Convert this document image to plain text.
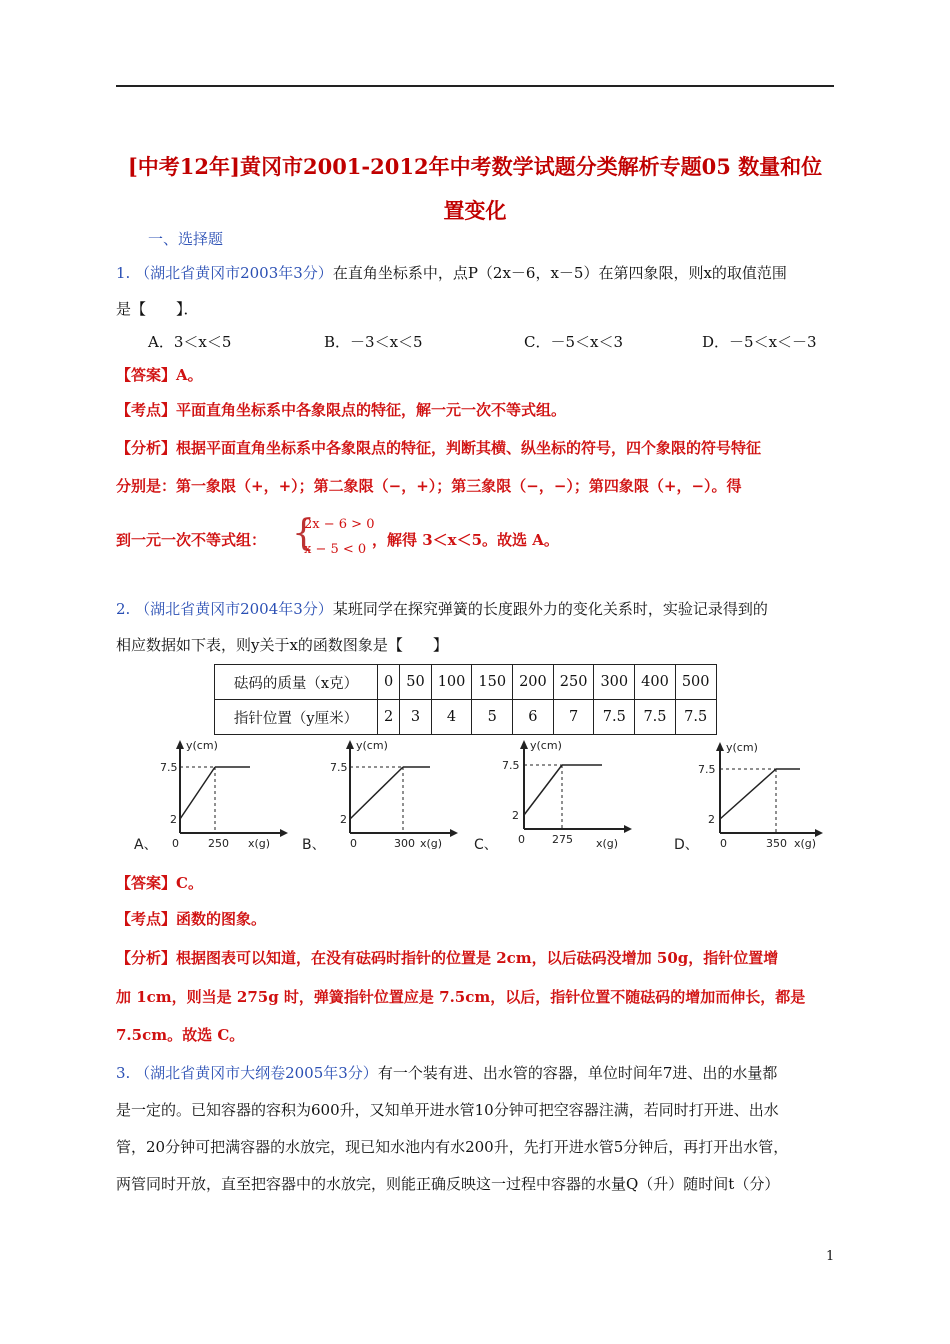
[中考12年]黄冈市2001-2012年中考数学试题分类解析专题05 数量和位
置变化
一、选择题
1. （湖北省黄冈市2003年3分）在直角坐标系中，点P（2x－6，x－5）在第四象限，则x的取值范围
是【　　】．
A．3＜x＜5	B．－3＜x＜5	C．－5＜x＜3	D．－5＜x＜－3
【答案】A。
【考点】平面直角坐标系中各象限点的特征，解一元一次不等式组。
【分析】根据平面直角坐标系中各象限点的特征，判断其横、纵坐标的符号，四个象限的符号特征
分别是：第一象限（+，+）；第二象限（−，+）；第三象限（−，−）；第四象限（+，−）。得
到一元一次不等式组： {
2x − 6 > 0
x − 5 < 0
，解得 3＜x＜5。故选 A。
2. （湖北省黄冈市2004年3分）某班同学在探究弹簧的长度跟外力的变化关系时，实验记录得到的
相应数据如下表，则y关于x的函数图象是【　　】
砝码的质量（x克）	0	50	100	150	200	250	300	400	500
指针位置（y厘米）	2	3	4	5	6	7	7.5	7.5	7.5
7.5
2
0	250 x(g)
y(cm)
A、
7.5
2
0	300 x(g)
y(cm)
B、
7.5
2
0 275 x(g)
y(cm)
C、
7.5
2
0	350 x(g)
y(cm)
D、
【答案】C。
【考点】函数的图象。
【分析】根据图表可以知道，在没有砝码时指针的位置是 2cm，以后砝码没增加 50g，指针位置增
加 1cm，则当是 275g 时，弹簧指针位置应是 7.5cm，以后，指针位置不随砝码的增加而伸长，都是
7.5cm。故选 C。
3. （湖北省黄冈市大纲卷2005年3分）有一个装有进、出水管的容器，单位时间年7进、出的水量都
是一定的。已知容器的容积为600升，又知单开进水管10分钟可把空容器注满，若同时打开进、出水
管，20分钟可把满容器的水放完，现已知水池内有水200升，先打开进水管5分钟后，再打开出水管，
两管同时开放，直至把容器中的水放完，则能正确反映这一过程中容器的水量Q（升）随时间t（分）
1
